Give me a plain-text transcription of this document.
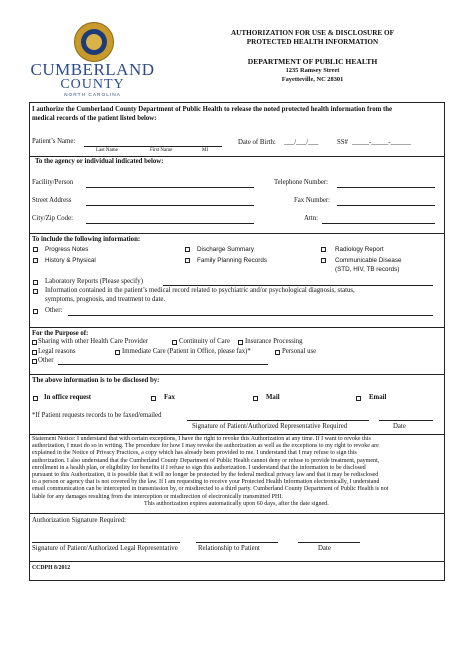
CUMBERLAND
COUNTY
NORTH CAROLINA
AUTHORIZATION FOR USE & DISCLOSURE OF
PROTECTED HEALTH INFORMATION
DEPARTMENT OF PUBLIC HEALTH
1235 Ramsey Street
Fayetteville, NC 28301
I authorize the Cumberland County Department of Public Health to release the noted protected health information from the
medical records of the patient listed below:
Patient’s Name:
Last Name	First Name	MI
Date of Birth: ___/___/___	SS# _____-_____-______
To the agency or individual indicated below:
Facility/Person	Telephone Number:
Street Address	Fax Number:
City/Zip Code:	Attn:
To include the following information:
Progress Notes	Discharge Summary	Radiology Report
History & Physical	Family Planning Records	Communicable Disease
(STD, HIV, TB records)
Laboratory Reports (Please specify)
Information contained in the patient’s medical record related to psychiatric and/or psychological diagnosis, status,
symptoms, prognosis, and treatment to date.
Other:
For the Purpose of:
Sharing with other Health Care Provider	Continuity of Care Insurance Processing
Legal reasons	Immediate Care (Patient in Office, please fax)*	Personal use
Other
The above information is to be disclosed by:
In office request	Fax	Mail	Email
*If Patient requests records to be faxed/emailed
Signature of Patient/Authorized Representative Required	Date
Statement Notice: I understand that with certain exceptions, I have the right to revoke this Authorization at any time. If I want to revoke this
authorization, I must do so in writing. The procedure for how I may revoke the authorization as well as the exceptions to my right to revoke are
explained in the Notice of Privacy Practices, a copy which has already been provided to me. I understand that I may refuse to sign this
authorization. I also understand that the Cumberland County Department of Public Health cannot deny or refuse to provide treatment, payment,
enrollment in a health plan, or eligibility for benefits if I refuse to sign this authorization. I understand that the information to be disclosed
pursuant to this Authorization, it is possible that it will no longer be protected by the federal medical privacy law and that it may be redisclosed
to a person or agency that is not covered by the law. If I am requesting to receive your Protected Health Information electronically, I understand
email communication can be intercepted in transmission by, or misdirected to a third party. Cumberland County Department of Public Health is not
liable for any damages resulting from the interception or misdirection of electronically transmitted PHI.
This authorization expires automatically upon 60 days, after the date signed.
Authorization Signature Required:
Signature of Patient/Authorized Legal Representative	Relationship to Patient	Date
CCDPH 8/2012
